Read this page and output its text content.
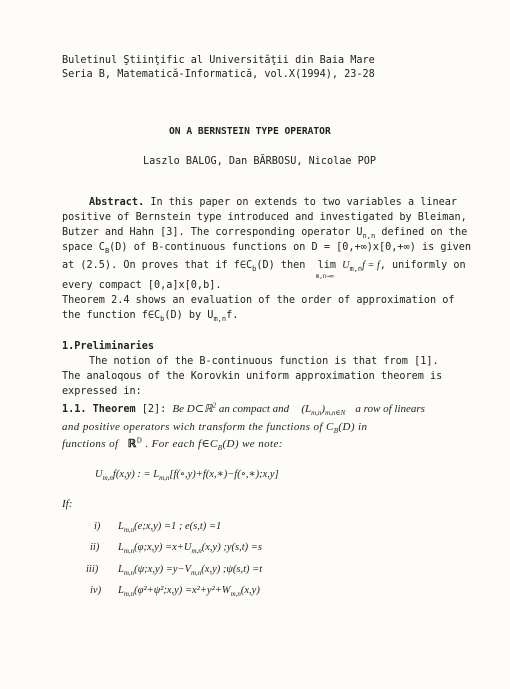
Buletinul Ştiinţific al Universităţii din Baia Mare
Seria B, Matematică-Informatică, vol.X(1994), 23-28
ON A BERNSTEIN TYPE OPERATOR
Laszlo BALOG, Dan BĂRBOSU, Nicolae POP
Abstract. In this paper on extends to two variables a linear
positive of Bernstein type introduced and investigated by Bleiman,
Butzer and Hahn [3]. The corresponding operator $U_{n,n}$ defined on the
space $C_B(D)$ of B-continuous functions on D = [0,+∞)x[0,+∞) is given
at (2.5). On proves that if $f\in C_b(D)$ then lim
m,n→∞
$U_{m,n}f = f$, uniformly on
every compact [0,a]x[0,b].
Theorem 2.4 shows an evaluation of the order of approximation of
the function $f\in C_b(D)$ by $U_{m,n}f$.
1.Preliminaries
The notion of the B-continuous function is that from [1].
The analoqous of the Korovkin uniform approximation theorem is
expressed in:
1.1. Theorem [2]: Be D⊂ℝ$^2$ an compact and $(L_{m,n})_{m,n\in N}$ a row of linears
and positive operators wich transform the functions of $C_B(D)$ in
functions of ℝ$^D$ . For each $f\in C_B(D)$ we note:
$U_{m,n}f(x,y)$ : = $L_{m,n}[f(\circ,y)+f(x,∗)-f(\circ,∗);x,y]$
If:
i) $L_{m,n}(e;x,y) =1$ ; e(s,t) =1
ii) $L_{m,n}(\varphi;x,y) =x+U_{m,n}(x,y)$ ;y(s,t) =s
iii) $L_{m,n}(\psi;x,y) =y-V_{m,n}(x,y)$ ;ψ(s,t) =t
iv) $L_{m,n}(\varphi^2+\psi^2;x,y) =x^2+y^2+W_{m,n}(x,y)$
